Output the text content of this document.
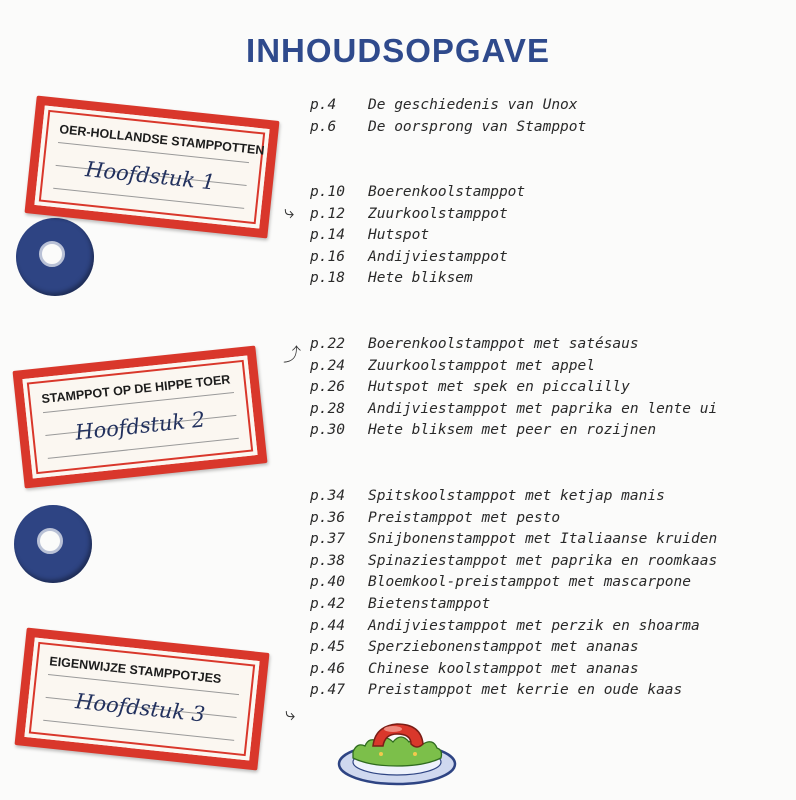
INHOUDSOPGAVE
OER-HOLLANDSE STAMPPOTTEN
Hoofdstuk 1
STAMPPOT OP DE HIPPE TOER
Hoofdstuk 2
EIGENWIJZE STAMPPOTJES
Hoofdstuk 3
⤷
⤴
⤷
p.4 De geschiedenis van Unox
p.6 De oorsprong van Stamppot
p.10 Boerenkoolstamppot
p.12 Zuurkoolstamppot
p.14 Hutspot
p.16 Andijviestamppot
p.18 Hete bliksem
p.22 Boerenkoolstamppot met satésaus
p.24 Zuurkoolstamppot met appel
p.26 Hutspot met spek en piccalilly
p.28 Andijviestamppot met paprika en lente ui
p.30 Hete bliksem met peer en rozijnen
p.34 Spitskoolstamppot met ketjap manis
p.36 Preistamppot met pesto
p.37 Snijbonenstamppot met Italiaanse kruiden
p.38 Spinaziestamppot met paprika en roomkaas
p.40 Bloemkool-preistamppot met mascarpone
p.42 Bietenstamppot
p.44 Andijviestamppot met perzik en shoarma
p.45 Sperziebonenstamppot met ananas
p.46 Chinese koolstamppot met ananas
p.47 Preistamppot met kerrie en oude kaas
